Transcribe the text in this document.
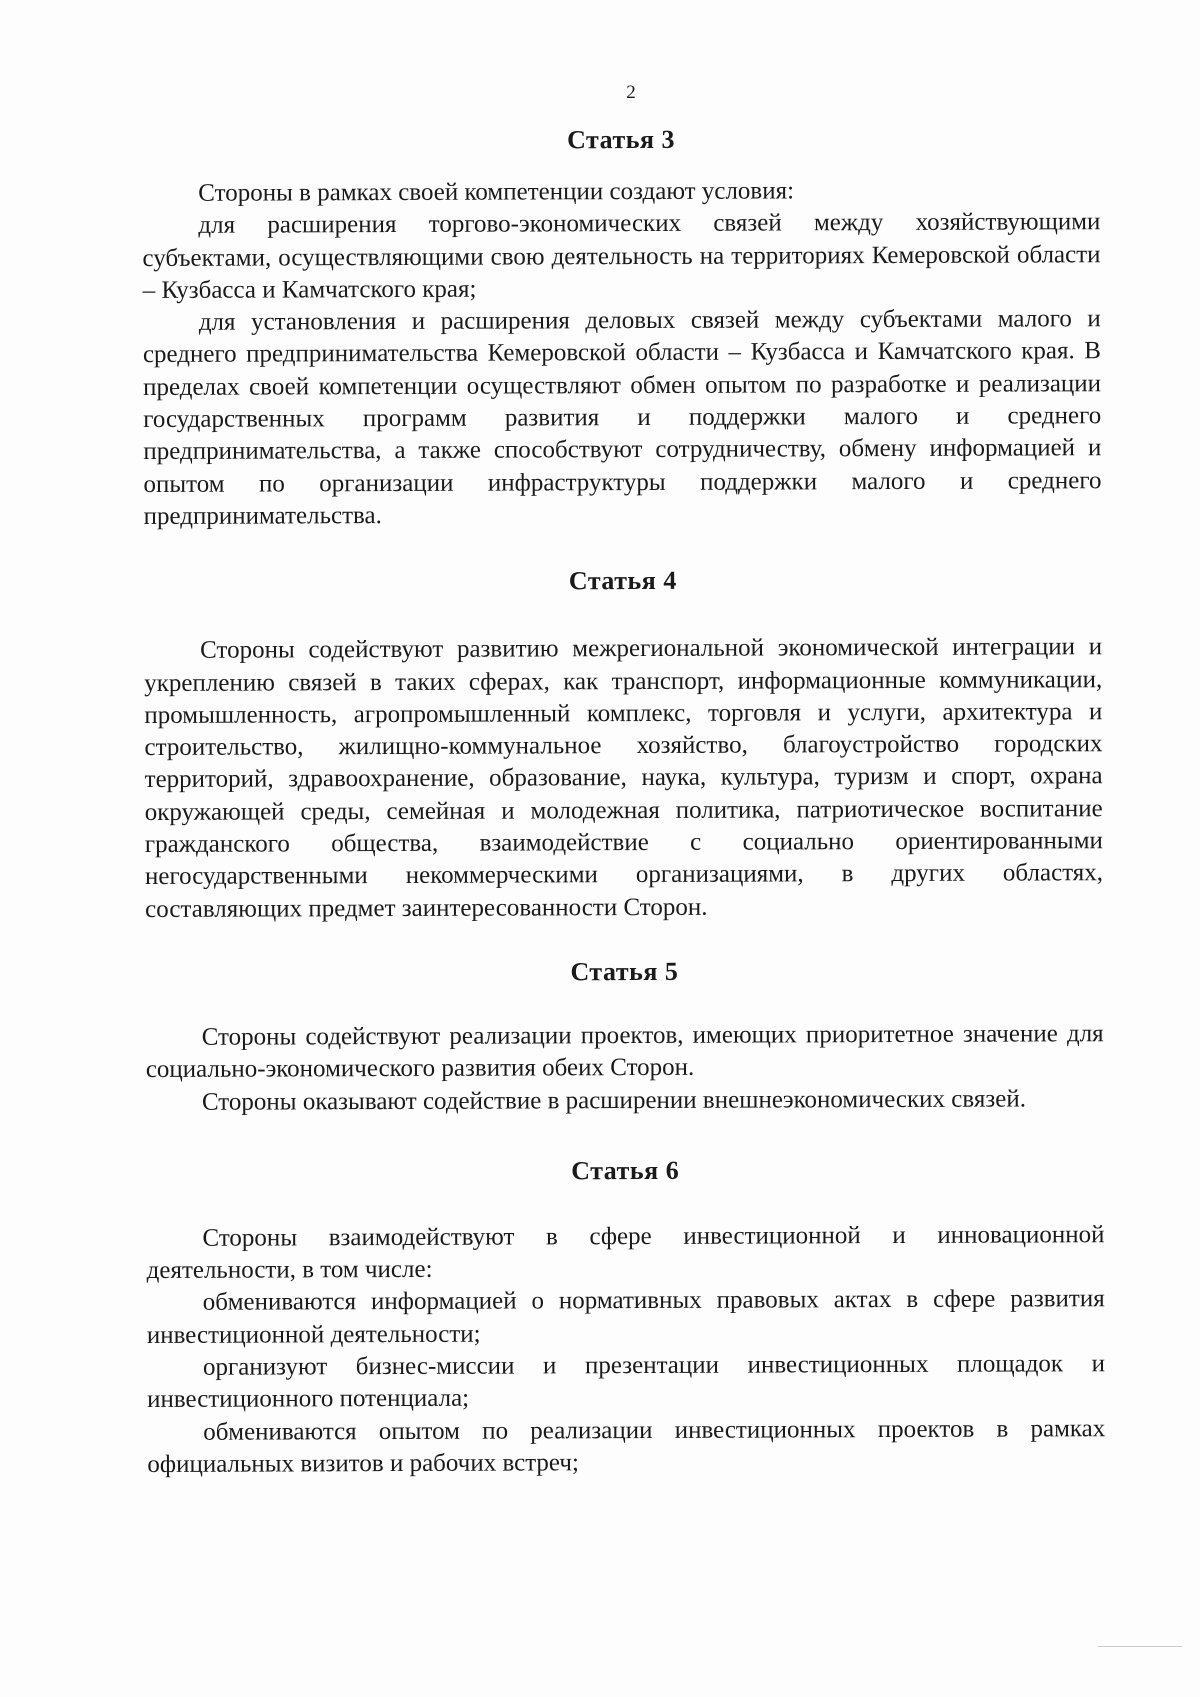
2
Статья 3

Стороны в рамках своей компетенции создают условия:

для расширения торгово-экономических связей между хозяйствующими субъектами, осуществляющими свою деятельность на территориях Кемеровской области – Кузбасса и Камчатского края;

для установления и расширения деловых связей между субъектами малого и среднего предпринимательства Кемеровской области – Кузбасса и Камчатского края. В пределах своей компетенции осуществляют обмен опытом по разработке и реализации государственных программ развития и поддержки малого и среднего предпринимательства, а также способствуют сотрудничеству, обмену информацией и опытом по организации инфраструктуры поддержки малого и среднего предпринимательства.

Статья 4

Стороны содействуют развитию межрегиональной экономической интеграции и укреплению связей в таких сферах, как транспорт, информационные коммуникации, промышленность, агропромышленный комплекс, торговля и услуги, архитектура и строительство, жилищно-коммунальное хозяйство, благоустройство городских территорий, здравоохранение, образование, наука, культура, туризм и спорт, охрана окружающей среды, семейная и молодежная политика, патриотическое воспитание гражданского общества, взаимодействие с социально ориентированными негосударственными некоммерческими организациями, в других областях, составляющих предмет заинтересованности Сторон.

Статья 5

Стороны содействуют реализации проектов, имеющих приоритетное значение для социально-экономического развития обеих Сторон.

Стороны оказывают содействие в расширении внешнеэкономических связей.

Статья 6

Стороны взаимодействуют в сфере инвестиционной и инновационной деятельности, в том числе:

обмениваются информацией о нормативных правовых актах в сфере развития инвестиционной деятельности;

организуют бизнес-миссии и презентации инвестиционных площадок и инвестиционного потенциала;

обмениваются опытом по реализации инвестиционных проектов в рамках официальных визитов и рабочих встреч;
